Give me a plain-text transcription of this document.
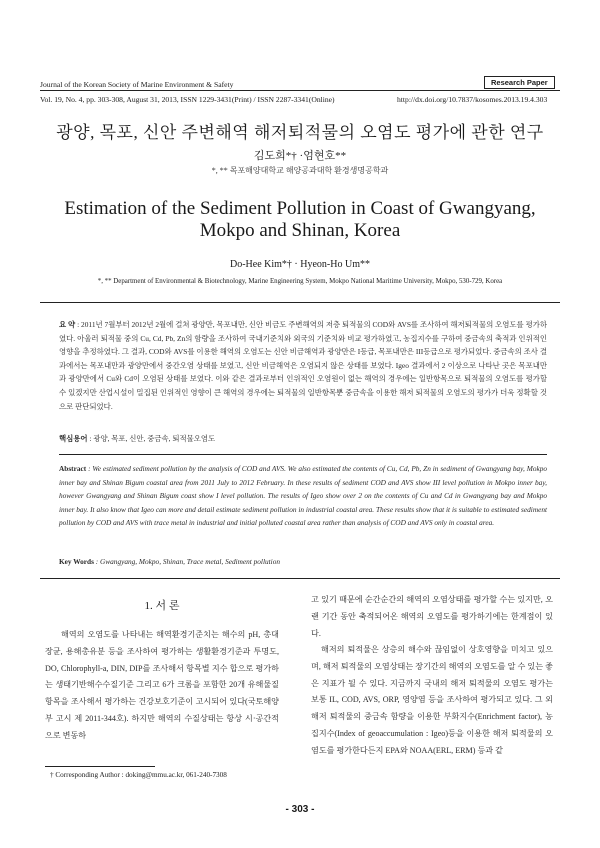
Journal of the Korean Society of Marine Environment & Safety	Research Paper
Vol. 19, No. 4, pp. 303-308, August 31, 2013, ISSN 1229-3431(Print) / ISSN 2287-3341(Online)	http://dx.doi.org/10.7837/kosomes.2013.19.4.303
광양, 목포, 신안 주변해역 해저퇴적물의 오염도 평가에 관한 연구
김도희*† ·엄현호**
*, ** 목포해양대학교 해양공과대학 환경생명공학과
Estimation of the Sediment Pollution in Coast of Gwangyang,
Mokpo and Shinan, Korea
Do-Hee Kim*† · Hyeon-Ho Um**
*, ** Department of Environmental & Biotechnology, Marine Engineering System, Mokpo National Maritime University, Mokpo, 530-729, Korea
요 약 : 2011년 7월부터 2012년 2월에 걸쳐 광양만, 목포내만, 신안 비금도 주변해역의 저층 퇴적물의 COD와 AVS를 조사하여 해저퇴적물의 오염도를 평가하였다. 아울러 퇴적물 중의 Cu, Cd, Pb, Zn의 함량을 조사하여 국내기준치와 외국의 기준치와 비교 평가하였고, 농집지수를 구하여 중금속의 축적과 인위적인 영향을 추정하였다. 그 결과, COD와 AVS를 이용한 해역의 오염도는 신안 비금해역과 광양만은 I등급, 목포내만은 III등급으로 평가되었다. 중금속의 조사 결과에서는 목포내만과 광양만에서 중간오염 상태를 보였고, 신안 비금해역은 오염되지 않은 상태를 보였다. Igeo 결과에서 2 이상으로 나타난 곳은 목포내만과 광양만에서 Cu와 Cd이 오염된 상태를 보였다. 이와 같은 결과로부터 인위적인 오염원이 없는 해역의 경우에는 일반항목으로 퇴적물의 오염도를 평가할 수 있겠지만 산업시설이 밀집된 인위적인 영향이 큰 해역의 경우에는 퇴적물의 일반항목뿐 중금속을 이용한 해저 퇴적물의 오염도의 평가가 더욱 정확할 것으로 판단되었다.
핵심용어 : 광양, 목포, 신안, 중금속, 퇴적물오염도
Abstract : We estimated sediment pollution by the analysis of COD and AVS. We also estimated the contents of Cu, Cd, Pb, Zn in sediment of Gwangyang bay, Mokpo inner bay and Shinan Bigum coastal area from 2011 July to 2012 February. In these results of sediment COD and AVS show III level pollution in Mokpo inner bay, however Gwangyang and Shinan Bigum coast show I level pollution. The results of Igeo show over 2 on the contents of Cu and Cd in Gwangyang bay and Mokpo inner bay. It also know that Igeo can more and detail estimate sediment pollution in industrial coastal area. These results show that it is suitable to estimated sediment pollution by COD and AVS with trace metal in industrial and initial polluted coastal area rather than analysis of COD and AVS only in coastal area.
Key Words : Gwangyang, Mokpo, Shinan, Trace metal, Sediment pollution
1. 서 론
해역의 오염도를 나타내는 해역환경기준치는 해수의 pH, 총대장균, 용해총유분 등을 조사하여 평가하는 생활환경기준과 투명도, DO, Chlorophyll-a, DIN, DIP를 조사해서 항목별 지수 합으로 평가하는 생태기반해수수질기준 그리고 6가 크롬을 포함한 20개 유해물질 항목을 조사해서 평가하는 건강보호기준이 고시되어 있다(국토해양부 고시 제 2011-344호). 하지만 해역의 수질상태는 항상 시·공간적으로 변동하
† Corresponding Author : doking@mmu.ac.kr, 061-240-7308
고 있기 때문에 순간순간의 해역의 오염상태를 평가할 수는 있지만, 오랜 기간 동안 축적되어온 해역의 오염도를 평가하기에는 한계점이 있다.
해저의 퇴적물은 상층의 해수와 끊임없이 상호영향을 미치고 있으며, 해저 퇴적물의 오염상태는 장기간의 해역의 오염도를 알 수 있는 좋은 지표가 될 수 있다. 지금까지 국내의 해저 퇴적물의 오염도 평가는 보통 IL, COD, AVS, ORP, 영양염 등을 조사하여 평가되고 있다. 그 외 해저 퇴적물의 중금속 함량을 이용한 부화지수(Enrichment factor), 농집지수(Index of geoaccumulation : Igeo)등을 이용한 해저 퇴적물의 오염도를 평가한다든지 EPA와 NOAA(ERL, ERM) 등과 같
- 303 -
